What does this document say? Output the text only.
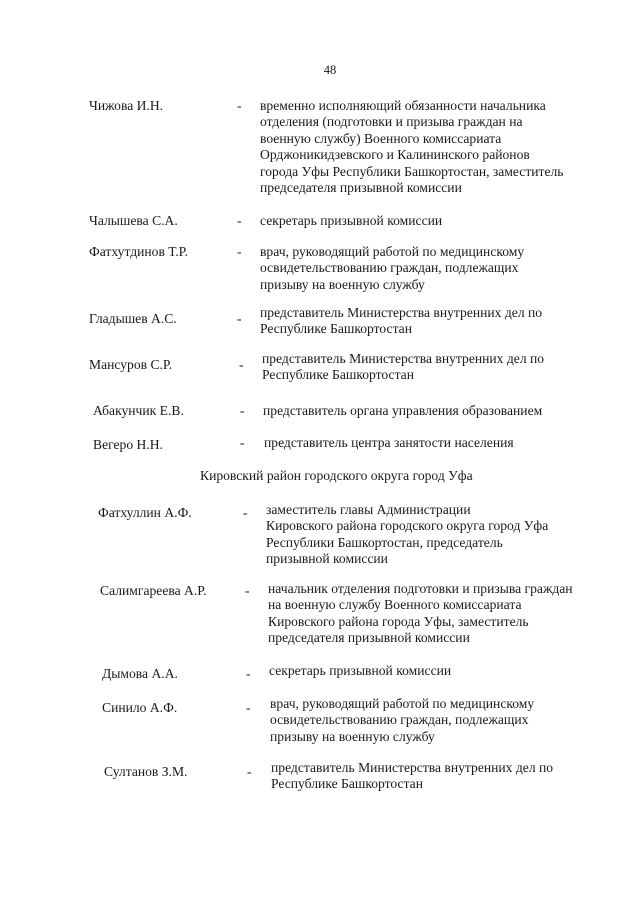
48
Чижова И.Н.	- временно исполняющий обязанности начальника
отделения (подготовки и призыва граждан на
военную службу) Военного комиссариата
Орджоникидзевского и Калининского районов
города Уфы Республики Башкортостан, заместитель
председателя призывной комиссии
Чалышева С.А.	- секретарь призывной комиссии
Фатхутдинов Т.Р.	- врач, руководящий работой по медицинскому
освидетельствованию граждан, подлежащих
призыву на военную службу
Гладышев А.С.	- представитель Министерства внутренних дел по
Республике Башкортостан
Мансуров С.Р.	- представитель Министерства внутренних дел по
Республике Башкортостан
Абакунчик Е.В.	- представитель органа управления образованием
Вегеро Н.Н.	- представитель центра занятости населения
Кировский район городского округа город Уфа
Фатхуллин А.Ф.	- заместитель главы Администрации
Кировского района городского округа город Уфа
Республики Башкортостан, председатель
призывной комиссии
Салимгареева А.Р.	- начальник отделения подготовки и призыва граждан
на военную службу Военного комиссариата
Кировского района города Уфы, заместитель
председателя призывной комиссии
Дымова А.А.	- секретарь призывной комиссии
Синило А.Ф.	- врач, руководящий работой по медицинскому
освидетельствованию граждан, подлежащих
призыву на военную службу
Султанов З.М.	- представитель Министерства внутренних дел по
Республике Башкортостан
